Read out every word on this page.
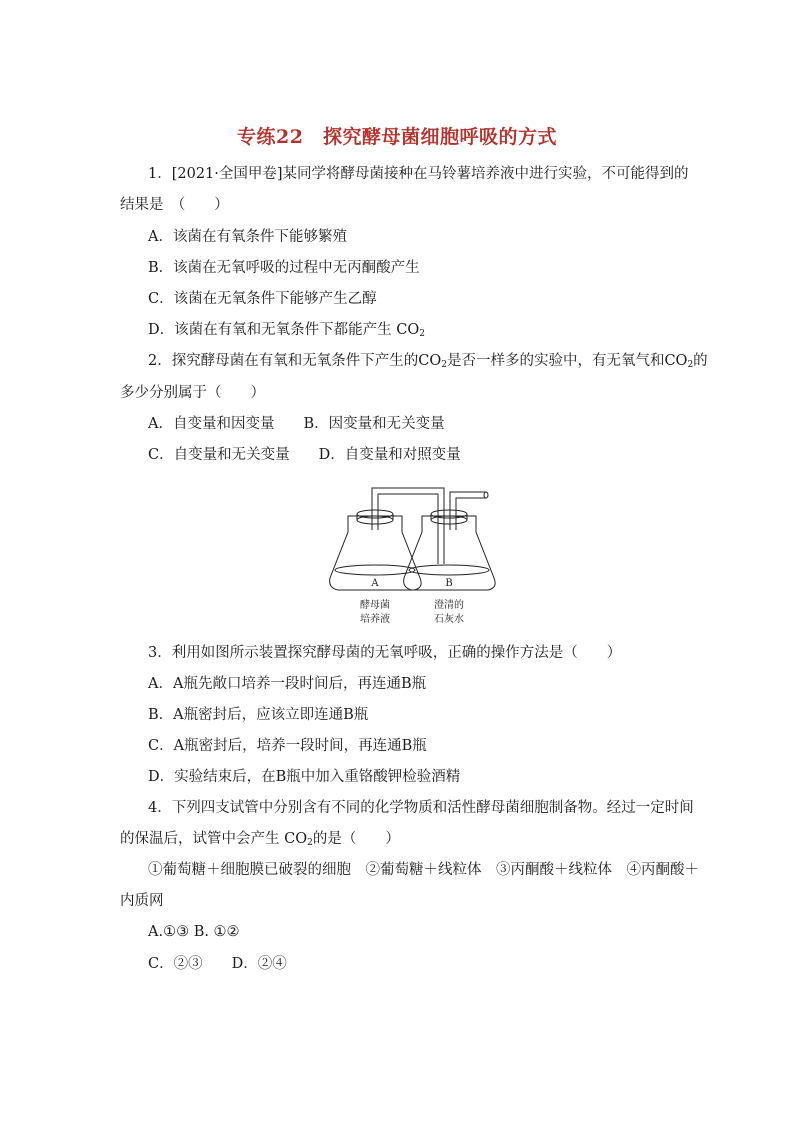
专练22　探究酵母菌细胞呼吸的方式
1．[2021·全国甲卷]某同学将酵母菌接种在马铃薯培养液中进行实验，不可能得到的
结果是　（　　）
A．该菌在有氧条件下能够繁殖
B．该菌在无氧呼吸的过程中无丙酮酸产生
C．该菌在无氧条件下能够产生乙醇
D．该菌在有氧和无氧条件下都能产生 $CO_2$
2．探究酵母菌在有氧和无氧条件下产生的$CO_2$是否一样多的实验中，有无氧气和$CO_2$的
多少分别属于（　　）
A．自变量和因变量　　B．因变量和无关变量
C．自变量和无关变量　　D．自变量和对照变量
A	B
酵母菌
培养液
澄清的
石灰水
3．利用如图所示装置探究酵母菌的无氧呼吸，正确的操作方法是（　　）
A．A瓶先敞口培养一段时间后，再连通B瓶
B．A瓶密封后，应该立即连通B瓶
C．A瓶密封后，培养一段时间，再连通B瓶
D．实验结束后，在B瓶中加入重铬酸钾检验酒精
4．下列四支试管中分别含有不同的化学物质和活性酵母菌细胞制备物。经过一定时间
的保温后，试管中会产生 $CO_2$的是（　　）
①葡萄糖＋细胞膜已破裂的细胞　②葡萄糖＋线粒体　③丙酮酸＋线粒体　④丙酮酸＋
内质网
A.①③ B. ①②
C．②③　　D．②④
